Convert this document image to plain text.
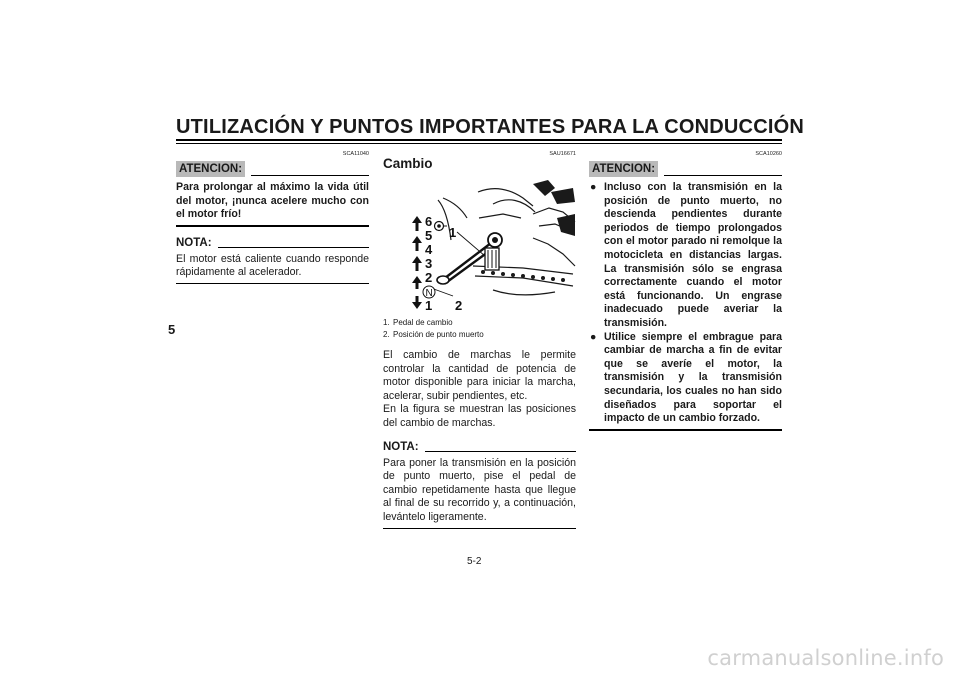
UTILIZACIÓN Y PUNTOS IMPORTANTES PARA LA CONDUCCIÓN
5
SCA11040
ATENCION:
Para prolongar al máximo la vida útil del motor, ¡nunca acelere mucho con el motor frío!
NOTA:
El motor está caliente cuando responde rápidamente al acelerador.
SAU16671
Cambio
6
5
4
3
2
1
1
2
N
1. Pedal de cambio
2. Posición de punto muerto
El cambio de marchas le permite controlar la cantidad de potencia de motor disponible para iniciar la marcha, acelerar, subir pendientes, etc.
En la figura se muestran las posiciones del cambio de marchas.
NOTA:
Para poner la transmisión en la posición de punto muerto, pise el pedal de cambio repetidamente hasta que llegue al final de su recorrido y, a continuación, levántelo ligeramente.
SCA10260
ATENCION:
● Incluso con la transmisión en la posición de punto muerto, no descienda pendientes durante periodos de tiempo prolongados con el motor parado ni remolque la motocicleta en distancias largas. La transmisión sólo se engrasa correctamente cuando el motor está funcionando. Un engrase inadecuado puede averiar la transmisión.
● Utilice siempre el embrague para cambiar de marcha a fin de evitar que se averíe el motor, la transmisión y la transmisión secundaria, los cuales no han sido diseñados para soportar el impacto de un cambio forzado.
5-2
carmanualsonline.info
